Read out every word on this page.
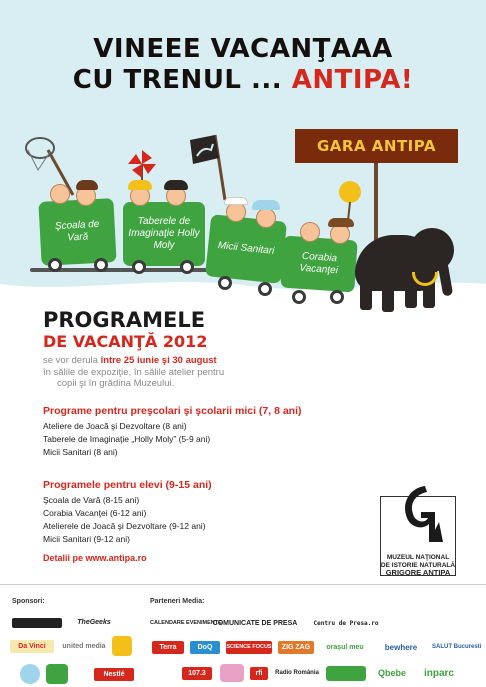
VINEEE VACANŢAAA
CU TRENUL ... ANTIPA!
GARA ANTIPA
Şcoala de Vară
Taberele de Imaginaţie Holly Moly	Micii Sanitari
Corabia Vacanţei
PROGRAMELE
DE VACANŢĂ 2012
se vor derula între 25 iunie şi 30 august
în sălile de expoziţie, în sălile atelier pentru
copii şi în grădina Muzeului.
Programe pentru preşcolari şi şcolarii mici (7, 8 ani)
Ateliere de Joacă şi Dezvoltare (8 ani)
Taberele de Imaginaţie „Holly Moly” (5-9 ani)
Micii Sanitari (8 ani)
Programele pentru elevi (9-15 ani)
Şcoala de Vară (8-15 ani)
Corabia Vacanţei (6-12 ani)
Atelierele de Joacă şi Dezvoltare (9-12 ani)
Micii Sanitari (9-12 ani)
Detalii pe www.antipa.ro	MUZEUL NAŢIONAL
DE ISTORIE NATURALĂ
GRIGORE ANTIPA
Sponsori:	Parteneri Media:
TheGeeks
Da Vinci	united media
Nestlé
CALENDARE EVENIMENTE
COMUNICATE DE PRESA	Centru de Presa.ro
Terra	DoQ	SCIENCE FOCUS	ZIG ZAG	oraşul meu	bewhere	SALUT Bucuresti
107.3	rfi	Radio România	Qbebe	inparc
